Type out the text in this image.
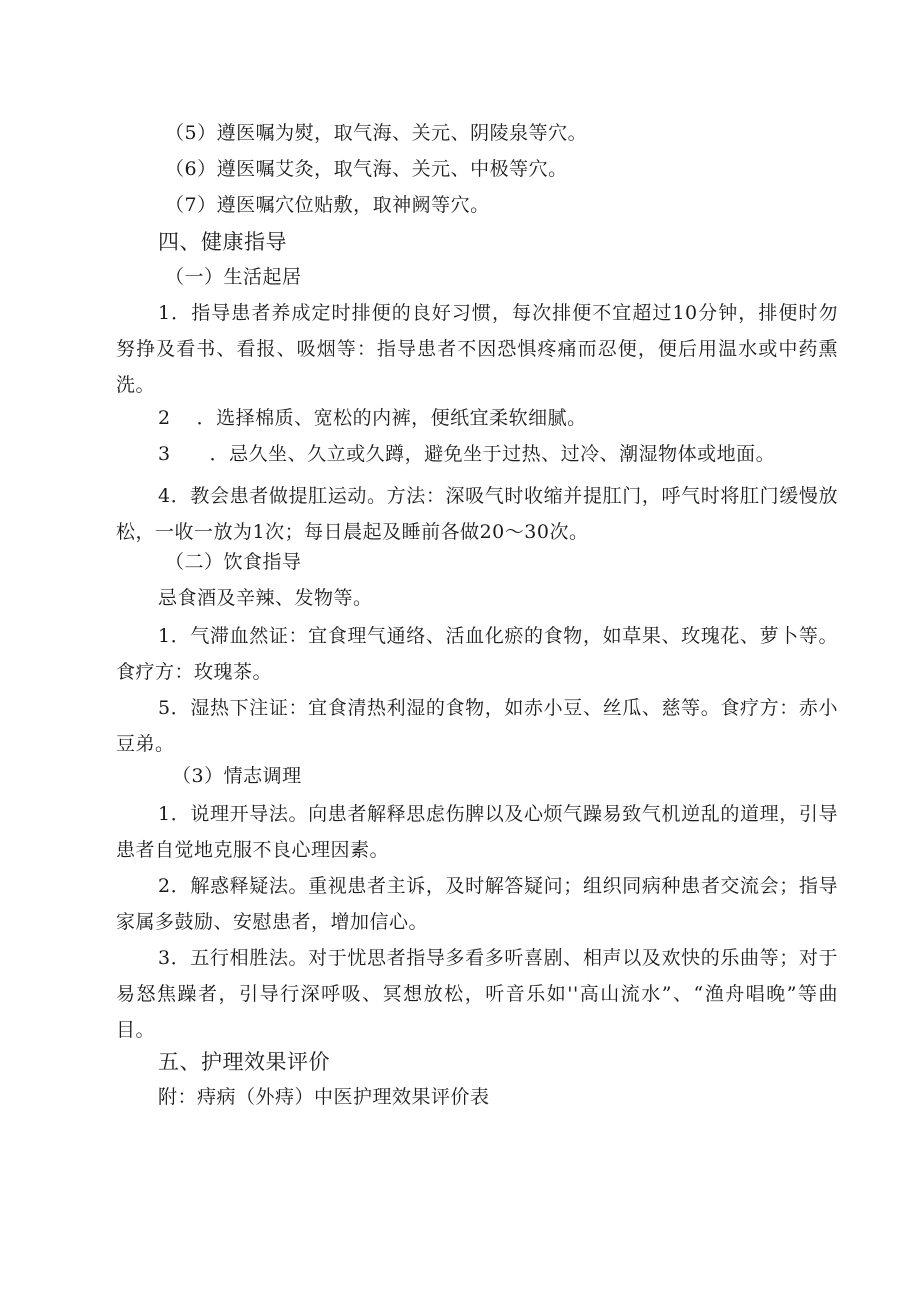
（5）遵医嘱为熨，取气海、关元、阴陵泉等穴。
（6）遵医嘱艾灸，取气海、关元、中极等穴。
（7）遵医嘱穴位贴敷，取神阙等穴。
四、健康指导
（一）生活起居
1．指导患者养成定时排便的良好习惯，每次排便不宜超过10分钟，排便时勿努挣及看书、看报、吸烟等：指导患者不因恐惧疼痛而忍便，便后用温水或中药熏洗。
2　 ．选择棉质、宽松的内裤，便纸宜柔软细腻。
3　　．忌久坐、久立或久蹲，避免坐于过热、过冷、潮湿物体或地面。
4．教会患者做提肛运动。方法：深吸气时收缩并提肛门，呼气时将肛门缓慢放松，一收一放为1次；每日晨起及睡前各做20～30次。
（二）饮食指导
忌食酒及辛辣、发物等。
1．气滞血然证：宜食理气通络、活血化瘀的食物，如草果、玫瑰花、萝卜等。食疗方：玫瑰茶。
5．湿热下注证：宜食清热利湿的食物，如赤小豆、丝瓜、慈等。食疗方：赤小豆弟。
（3）情志调理
1．说理开导法。向患者解释思虑伤脾以及心烦气躁易致气机逆乱的道理，引导患者自觉地克服不良心理因素。
2．解惑释疑法。重视患者主诉，及时解答疑问；组织同病种患者交流会；指导家属多鼓励、安慰患者，增加信心。
3．五行相胜法。对于忧思者指导多看多听喜剧、相声以及欢快的乐曲等；对于易怒焦躁者，引导行深呼吸、冥想放松，听音乐如''高山流水”、“渔舟唱晚”等曲目。
五、护理效果评价
附：痔病（外痔）中医护理效果评价表
